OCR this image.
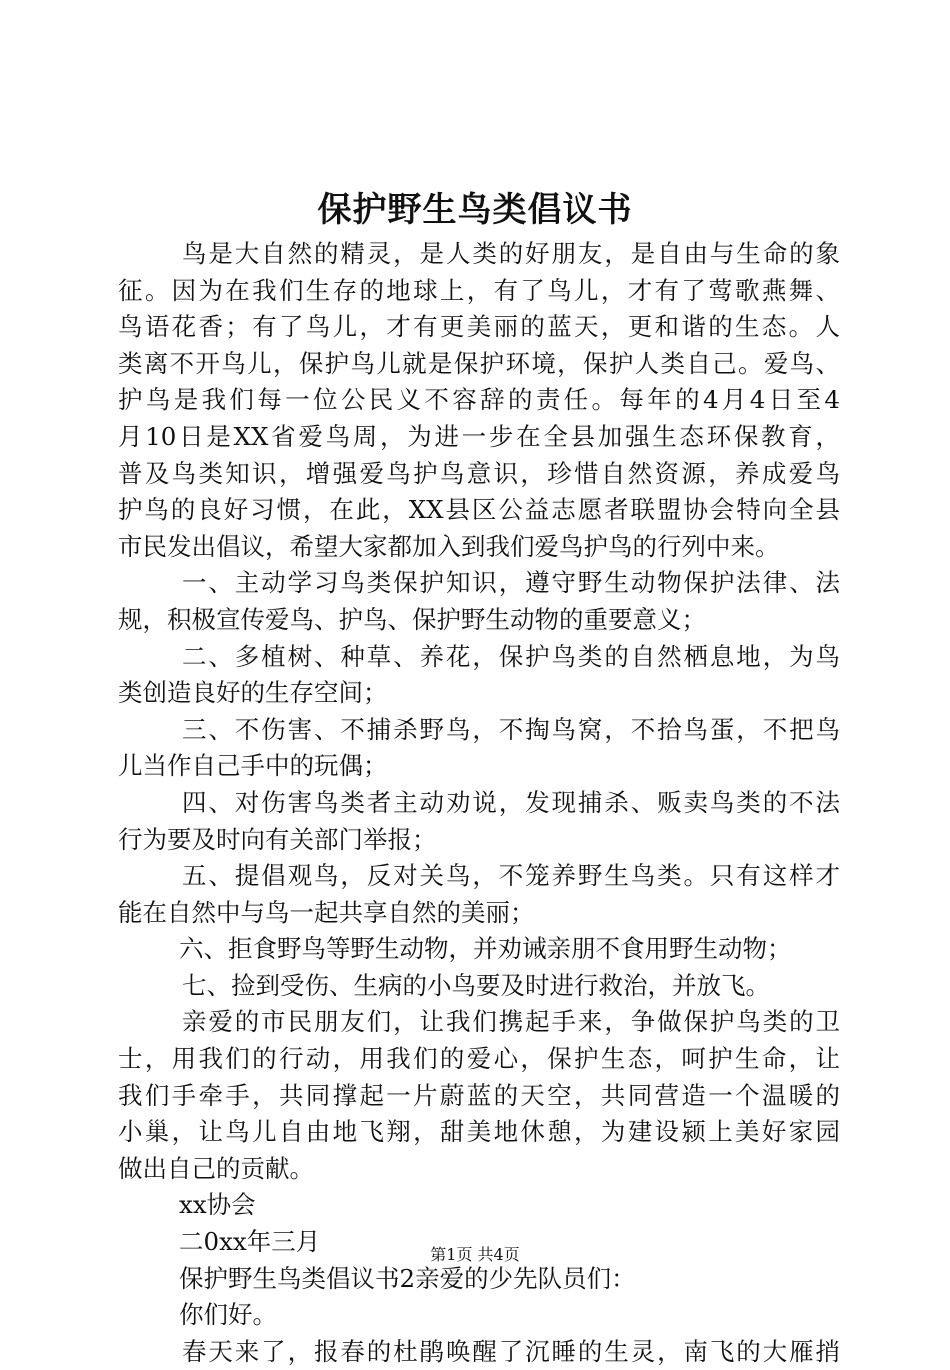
保护野生鸟类倡议书
鸟是大自然的精灵，是人类的好朋友，是自由与生命的象
征。因为在我们生存的地球上，有了鸟儿，才有了莺歌燕舞、
鸟语花香；有了鸟儿，才有更美丽的蓝天，更和谐的生态。人
类离不开鸟儿，保护鸟儿就是保护环境，保护人类自己。爱鸟、
护鸟是我们每一位公民义不容辞的责任。每年的4月4日至4
月10日是XX省爱鸟周，为进一步在全县加强生态环保教育，
普及鸟类知识，增强爱鸟护鸟意识，珍惜自然资源，养成爱鸟
护鸟的良好习惯，在此，XX县区公益志愿者联盟协会特向全县
市民发出倡议，希望大家都加入到我们爱鸟护鸟的行列中来。
一、主动学习鸟类保护知识，遵守野生动物保护法律、法
规，积极宣传爱鸟、护鸟、保护野生动物的重要意义；
二、多植树、种草、养花，保护鸟类的自然栖息地，为鸟
类创造良好的生存空间；
三、不伤害、不捕杀野鸟，不掏鸟窝，不拾鸟蛋，不把鸟
儿当作自己手中的玩偶；
四、对伤害鸟类者主动劝说，发现捕杀、贩卖鸟类的不法
行为要及时向有关部门举报；
五、提倡观鸟，反对关鸟，不笼养野生鸟类。只有这样才
能在自然中与鸟一起共享自然的美丽；
六、拒食野鸟等野生动物，并劝诫亲朋不食用野生动物；
七、捡到受伤、生病的小鸟要及时进行救治，并放飞。
亲爱的市民朋友们，让我们携起手来，争做保护鸟类的卫
士，用我们的行动，用我们的爱心，保护生态，呵护生命，让
我们手牵手，共同撑起一片蔚蓝的天空，共同营造一个温暖的
小巢，让鸟儿自由地飞翔，甜美地休憩，为建设颍上美好家园
做出自己的贡献。
xx协会
二0xx年三月
保护野生鸟类倡议书2亲爱的少先队员们：
你们好。
春天来了，报春的杜鹃唤醒了沉睡的生灵，南飞的大雁捎
第1页 共4页
